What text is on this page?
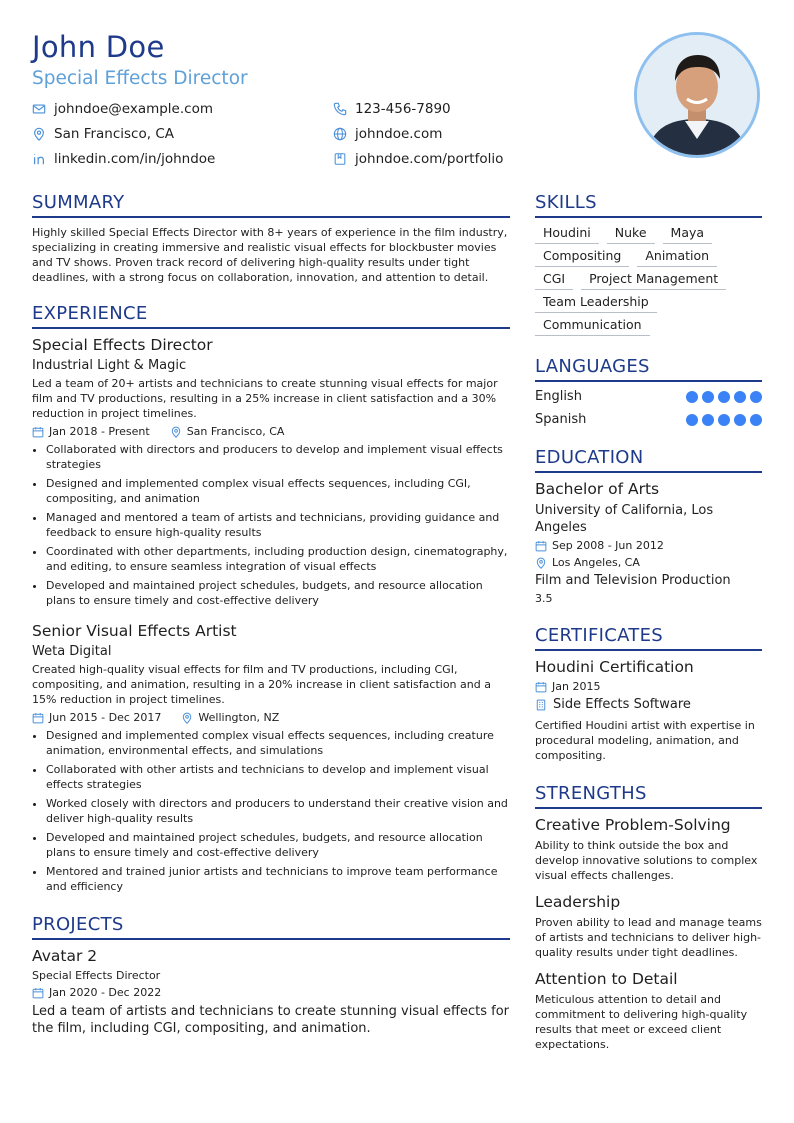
John Doe
Special Effects Director
johndoe@example.com	123-456-7890
San Francisco, CA	johndoe.com
linkedin.com/in/johndoe	johndoe.com/portfolio
SUMMARY

Highly skilled Special Effects Director with 8+ years of experience in the film industry, specializing in creating immersive and realistic visual effects for blockbuster movies and TV shows. Proven track record of delivering high-quality results under tight deadlines, with a strong focus on collaboration, innovation, and attention to detail.

EXPERIENCE
Special Effects Director
Industrial Light & Magic
Led a team of 20+ artists and technicians to create stunning visual effects for major film and TV productions, resulting in a 25% increase in client satisfaction and a 30% reduction in project timelines.
Jan 2018 - Present	San Francisco, CA
• Collaborated with directors and producers to develop and implement visual effects strategies
• Designed and implemented complex visual effects sequences, including CGI, compositing, and animation
• Managed and mentored a team of artists and technicians, providing guidance and feedback to ensure high-quality results
• Coordinated with other departments, including production design, cinematography, and editing, to ensure seamless integration of visual effects
• Developed and maintained project schedules, budgets, and resource allocation plans to ensure timely and cost-effective delivery
Senior Visual Effects Artist
Weta Digital
Created high-quality visual effects for film and TV productions, including CGI, compositing, and animation, resulting in a 20% increase in client satisfaction and a 15% reduction in project timelines.
Jun 2015 - Dec 2017	Wellington, NZ
• Designed and implemented complex visual effects sequences, including creature animation, environmental effects, and simulations
• Collaborated with other artists and technicians to develop and implement visual effects strategies
• Worked closely with directors and producers to understand their creative vision and deliver high-quality results
• Developed and maintained project schedules, budgets, and resource allocation plans to ensure timely and cost-effective delivery
• Mentored and trained junior artists and technicians to improve team performance and efficiency
PROJECTS
Avatar 2
Special Effects Director
Jan 2020 - Dec 2022
Led a team of artists and technicians to create stunning visual effects for the film, including CGI, compositing, and animation.
SKILLS
Houdini	Nuke	Maya
Compositing	Animation
CGI	Project Management
Team Leadership
Communication
LANGUAGES
English
Spanish
EDUCATION
Bachelor of Arts
University of California, Los Angeles
Sep 2008 - Jun 2012
Los Angeles, CA
Film and Television Production
3.5
CERTIFICATES
Houdini Certification
Jan 2015
Side Effects Software
Certified Houdini artist with expertise in procedural modeling, animation, and compositing.
STRENGTHS
Creative Problem-Solving
Ability to think outside the box and develop innovative solutions to complex visual effects challenges.
Leadership
Proven ability to lead and manage teams of artists and technicians to deliver high-quality results under tight deadlines.
Attention to Detail
Meticulous attention to detail and commitment to delivering high-quality results that meet or exceed client expectations.
